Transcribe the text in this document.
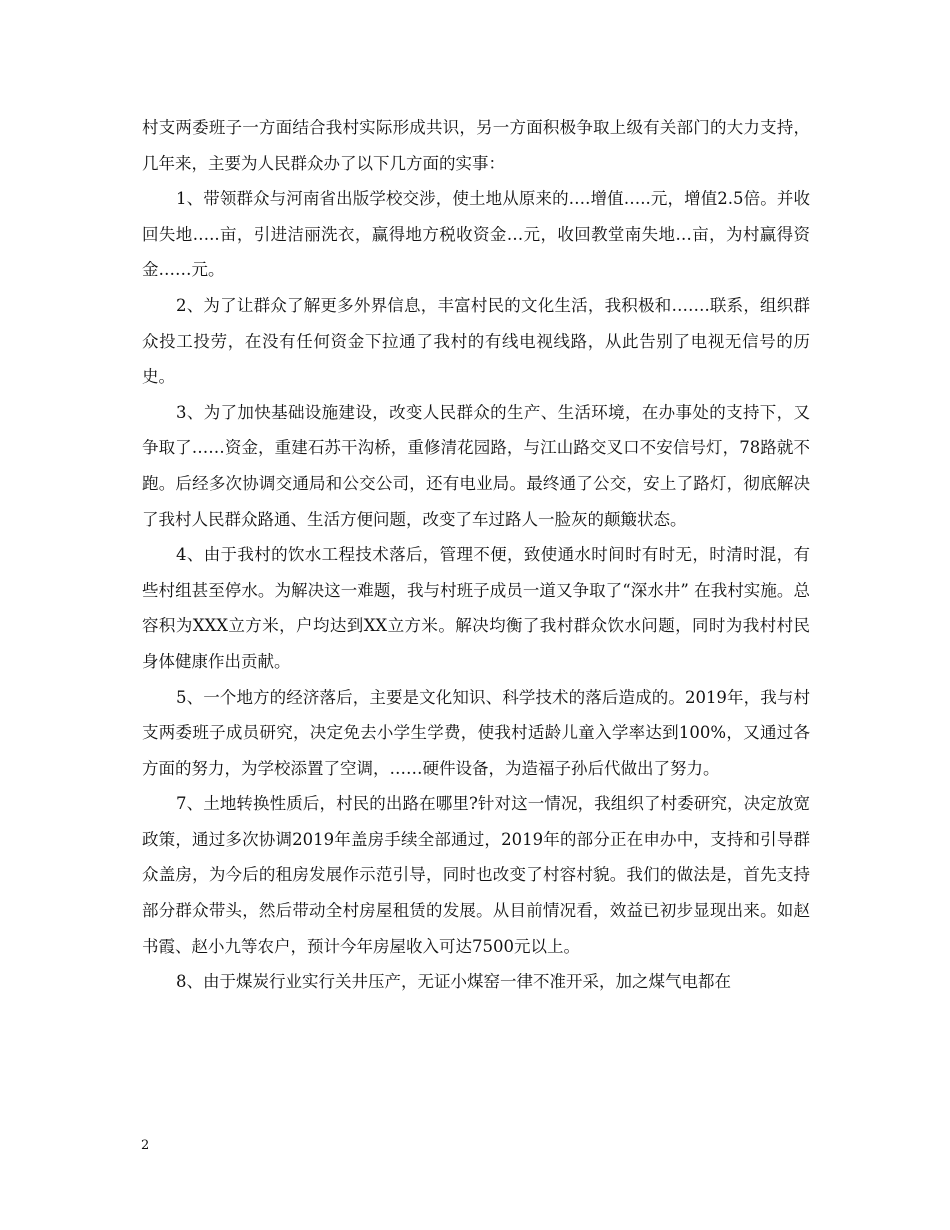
村支两委班子一方面结合我村实际形成共识，另一方面积极争取上级有关部门的大力支持，几年来，主要为人民群众办了以下几方面的实事：

1、带领群众与河南省出版学校交涉，使土地从原来的….增值…..元，增值2.5倍。并收回失地…..亩，引进洁丽洗衣，赢得地方税收资金…元，收回教堂南失地…亩，为村赢得资金……元。

2、为了让群众了解更多外界信息，丰富村民的文化生活，我积极和…….联系，组织群众投工投劳，在没有任何资金下拉通了我村的有线电视线路，从此告别了电视无信号的历史。

3、为了加快基础设施建设，改变人民群众的生产、生活环境，在办事处的支持下，又争取了……资金，重建石苏干沟桥，重修清花园路，与江山路交叉口不安信号灯，78路就不跑。后经多次协调交通局和公交公司，还有电业局。最终通了公交，安上了路灯，彻底解决了我村人民群众路通、生活方便问题，改变了车过路人一脸灰的颠簸状态。

4、由于我村的饮水工程技术落后，管理不便，致使通水时间时有时无，时清时混，有些村组甚至停水。为解决这一难题，我与村班子成员一道又争取了“深水井” 在我村实施。总容积为XXX立方米，户均达到XX立方米。解决均衡了我村群众饮水问题，同时为我村村民身体健康作出贡献。

5、一个地方的经济落后，主要是文化知识、科学技术的落后造成的。2019年，我与村支两委班子成员研究，决定免去小学生学费，使我村适龄儿童入学率达到100%，又通过各方面的努力，为学校添置了空调，……硬件设备，为造福子孙后代做出了努力。

7、土地转换性质后，村民的出路在哪里?针对这一情况，我组织了村委研究，决定放宽政策，通过多次协调2019年盖房手续全部通过，2019年的部分正在申办中，支持和引导群众盖房，为今后的租房发展作示范引导，同时也改变了村容村貌。我们的做法是，首先支持部分群众带头，然后带动全村房屋租赁的发展。从目前情况看，效益已初步显现出来。如赵书霞、赵小九等农户，预计今年房屋收入可达7500元以上。

8、由于煤炭行业实行关井压产，无证小煤窑一律不准开采，加之煤气电都在

2
